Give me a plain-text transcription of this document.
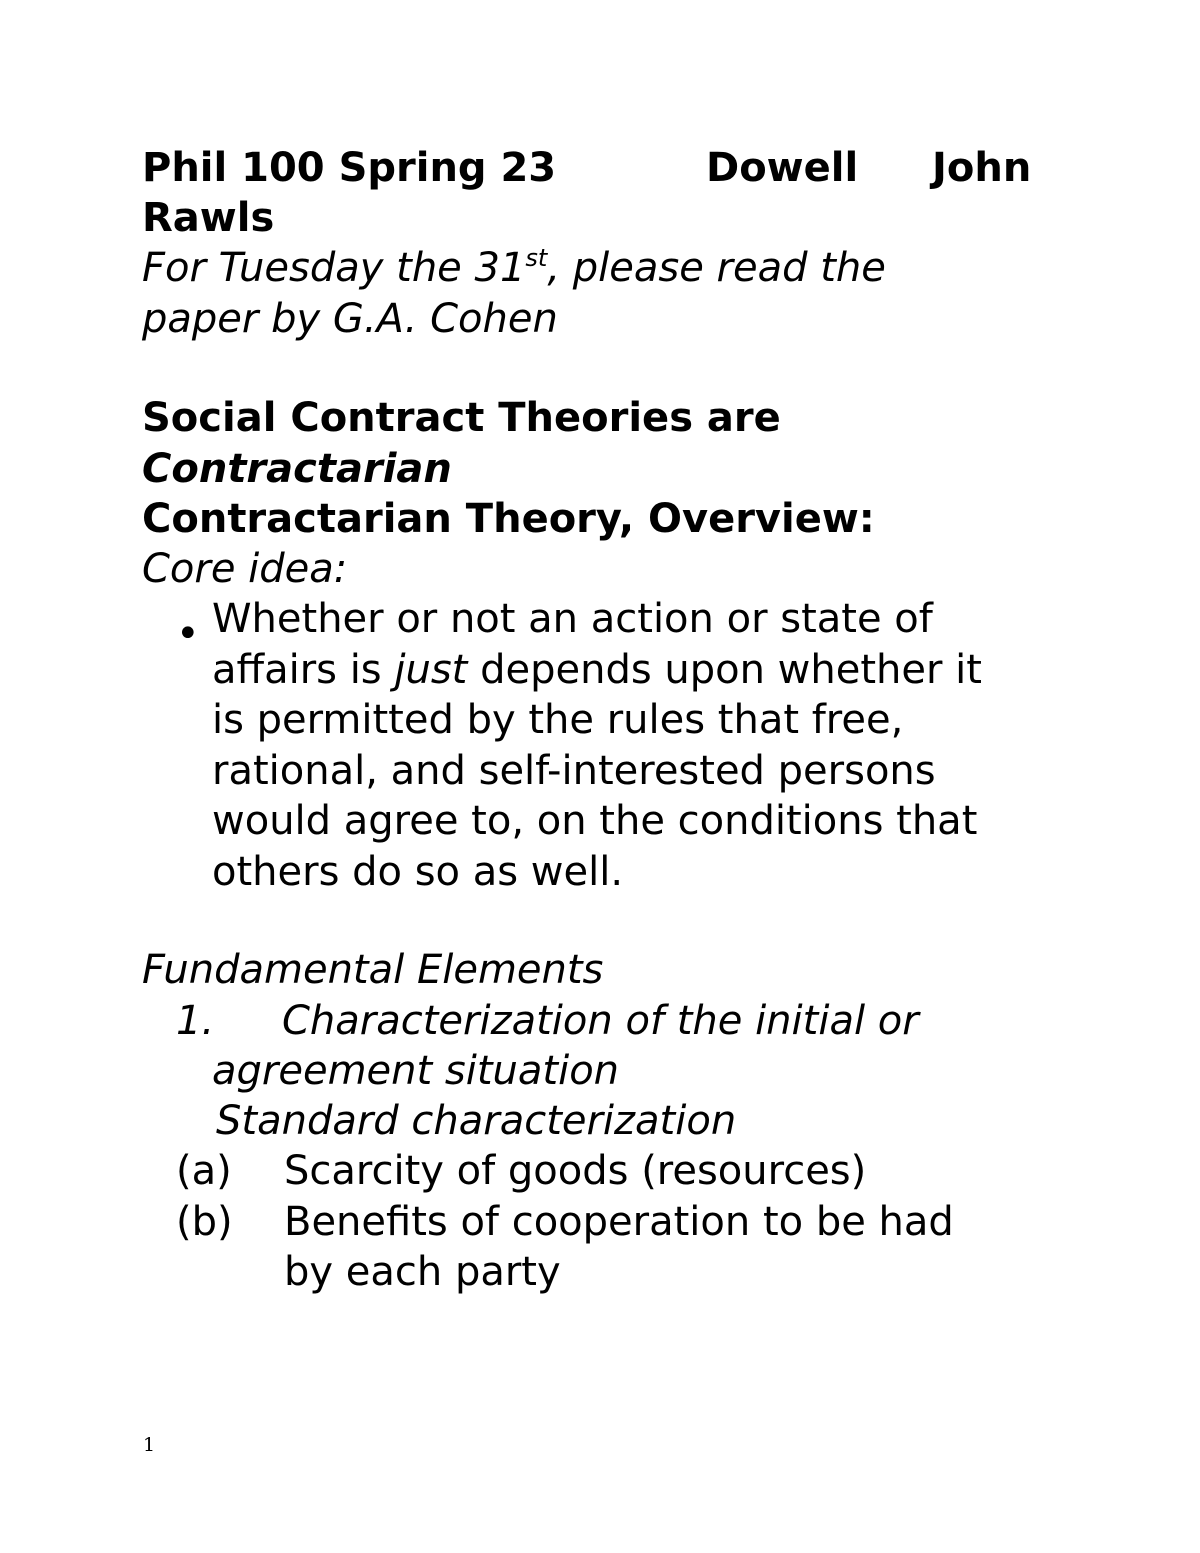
Phil 100 Spring 23	Dowell John
Rawls
For Tuesday the 31st, please read the
paper by G.A. Cohen
Social Contract Theories are
Contractarian
Contractarian Theory, Overview:
Core idea:
• Whether or not an action or state of
affairs is just depends upon whether it
is permitted by the rules that free,
rational, and self-interested persons
would agree to, on the conditions that
others do so as well.
Fundamental Elements
1. Characterization of the initial or
agreement situation
Standard characterization
(a) Scarcity of goods (resources)
(b) Benefits of cooperation to be had
by each party
1
